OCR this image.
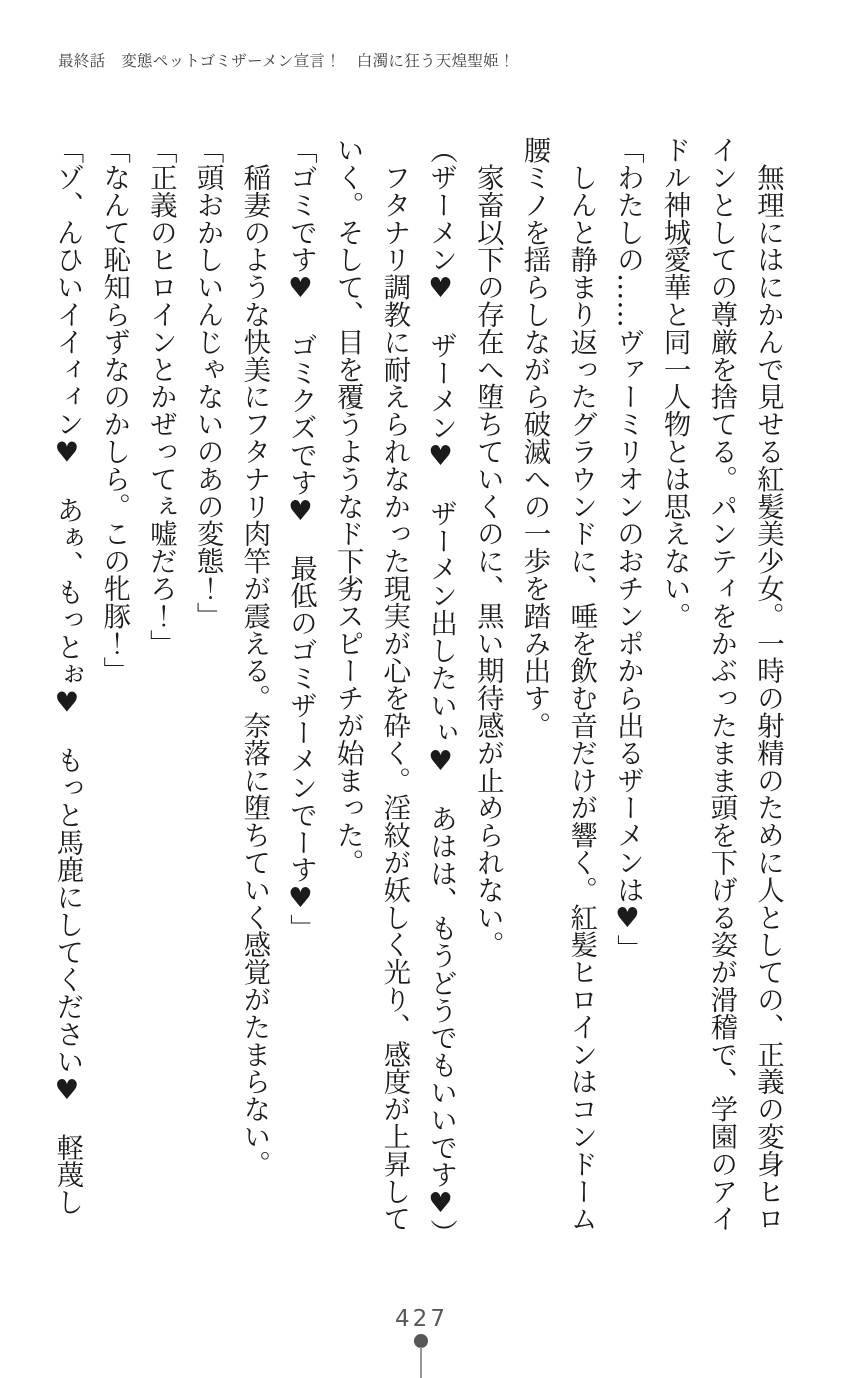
最終話　変態ペットゴミザーメン宣言！　白濁に狂う天煌聖姫！

　無理にはにかんで見せる紅髪美少女。一時の射精のために人としての、正義の変身ヒロインとしての尊厳を捨てる。パンティをかぶったまま頭を下げる姿が滑稽で、学園のアイドル神城愛華と同一人物とは思えない。

「わたしの……ヴァーミリオンのおチンポから出るザーメンは♥」

　しんと静まり返ったグラウンドに、唾を飲む音だけが響く。紅髪ヒロインはコンドーム腰ミノを揺らしながら破滅への一歩を踏み出す。

　家畜以下の存在へ堕ちていくのに、黒い期待感が止められない。

（ザーメン♥　ザーメン♥　ザーメン出したいぃ♥　あはは、もうどうでもいいです♥）

　フタナリ調教に耐えられなかった現実が心を砕く。淫紋が妖しく光り、感度が上昇していく。そして、目を覆うようなド下劣スピーチが始まった。

「ゴミです♥　ゴミクズです♥　最低のゴミザーメンでーす♥」

　稲妻のような快美にフタナリ肉竿が震える。奈落に堕ちていく感覚がたまらない。

「頭おかしいんじゃないのあの変態！」

「正義のヒロインとかぜってぇ嘘だろ！」

「なんて恥知らずなのかしら。この牝豚！」

「ゾ、んひいイイィィン♥　あぁ、もっとぉ♥　もっと馬鹿にしてください♥　軽蔑し

427
